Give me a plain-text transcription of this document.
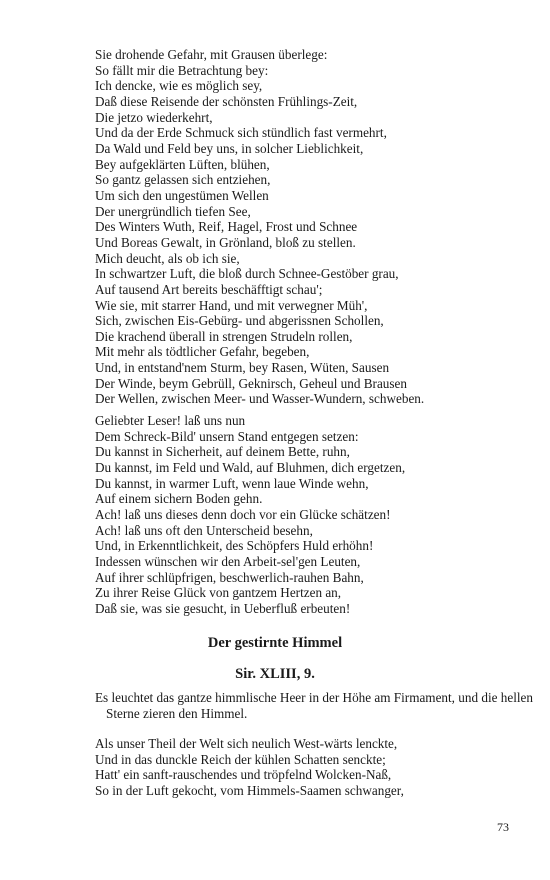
Sie drohende Gefahr, mit Grausen überlege:
So fällt mir die Betrachtung bey:
Ich dencke, wie es möglich sey,
Daß diese Reisende der schönsten Frühlings-Zeit,
Die jetzo wiederkehrt,
Und da der Erde Schmuck sich stündlich fast vermehrt,
Da Wald und Feld bey uns, in solcher Lieblichkeit,
Bey aufgeklärten Lüften, blühen,
So gantz gelassen sich entziehen,
Um sich den ungestümen Wellen
Der unergründlich tiefen See,
Des Winters Wuth, Reif, Hagel, Frost und Schnee
Und Boreas Gewalt, in Grönland, bloß zu stellen.
Mich deucht, als ob ich sie,
In schwartzer Luft, die bloß durch Schnee-Gestöber grau,
Auf tausend Art bereits beschäfftigt schau';
Wie sie, mit starrer Hand, und mit verwegner Müh',
Sich, zwischen Eis-Gebürg- und abgerissnen Schollen,
Die krachend überall in strengen Strudeln rollen,
Mit mehr als tödtlicher Gefahr, begeben,
Und, in entstand'nem Sturm, bey Rasen, Wüten, Sausen
Der Winde, beym Gebrüll, Geknirsch, Geheul und Brausen
Der Wellen, zwischen Meer- und Wasser-Wundern, schweben.
Geliebter Leser! laß uns nun
Dem Schreck-Bild' unsern Stand entgegen setzen:
Du kannst in Sicherheit, auf deinem Bette, ruhn,
Du kannst, im Feld und Wald, auf Bluhmen, dich ergetzen,
Du kannst, in warmer Luft, wenn laue Winde wehn,
Auf einem sichern Boden gehn.
Ach! laß uns dieses denn doch vor ein Glücke schätzen!
Ach! laß uns oft den Unterscheid besehn,
Und, in Erkenntlichkeit, des Schöpfers Huld erhöhn!
Indessen wünschen wir den Arbeit-sel'gen Leuten,
Auf ihrer schlüpfrigen, beschwerlich-rauhen Bahn,
Zu ihrer Reise Glück von gantzem Hertzen an,
Daß sie, was sie gesucht, in Ueberfluß erbeuten!
Der gestirnte Himmel
Sir. XLIII, 9.

Es leuchtet das gantze himmlische Heer in der Höhe am Firmament, und die hellen Sterne zieren den Himmel.

Als unser Theil der Welt sich neulich West-wärts lenckte,
Und in das dunckle Reich der kühlen Schatten senckte;
Hatt' ein sanft-rauschendes und tröpfelnd Wolcken-Naß,
So in der Luft gekocht, vom Himmels-Saamen schwanger,
73
